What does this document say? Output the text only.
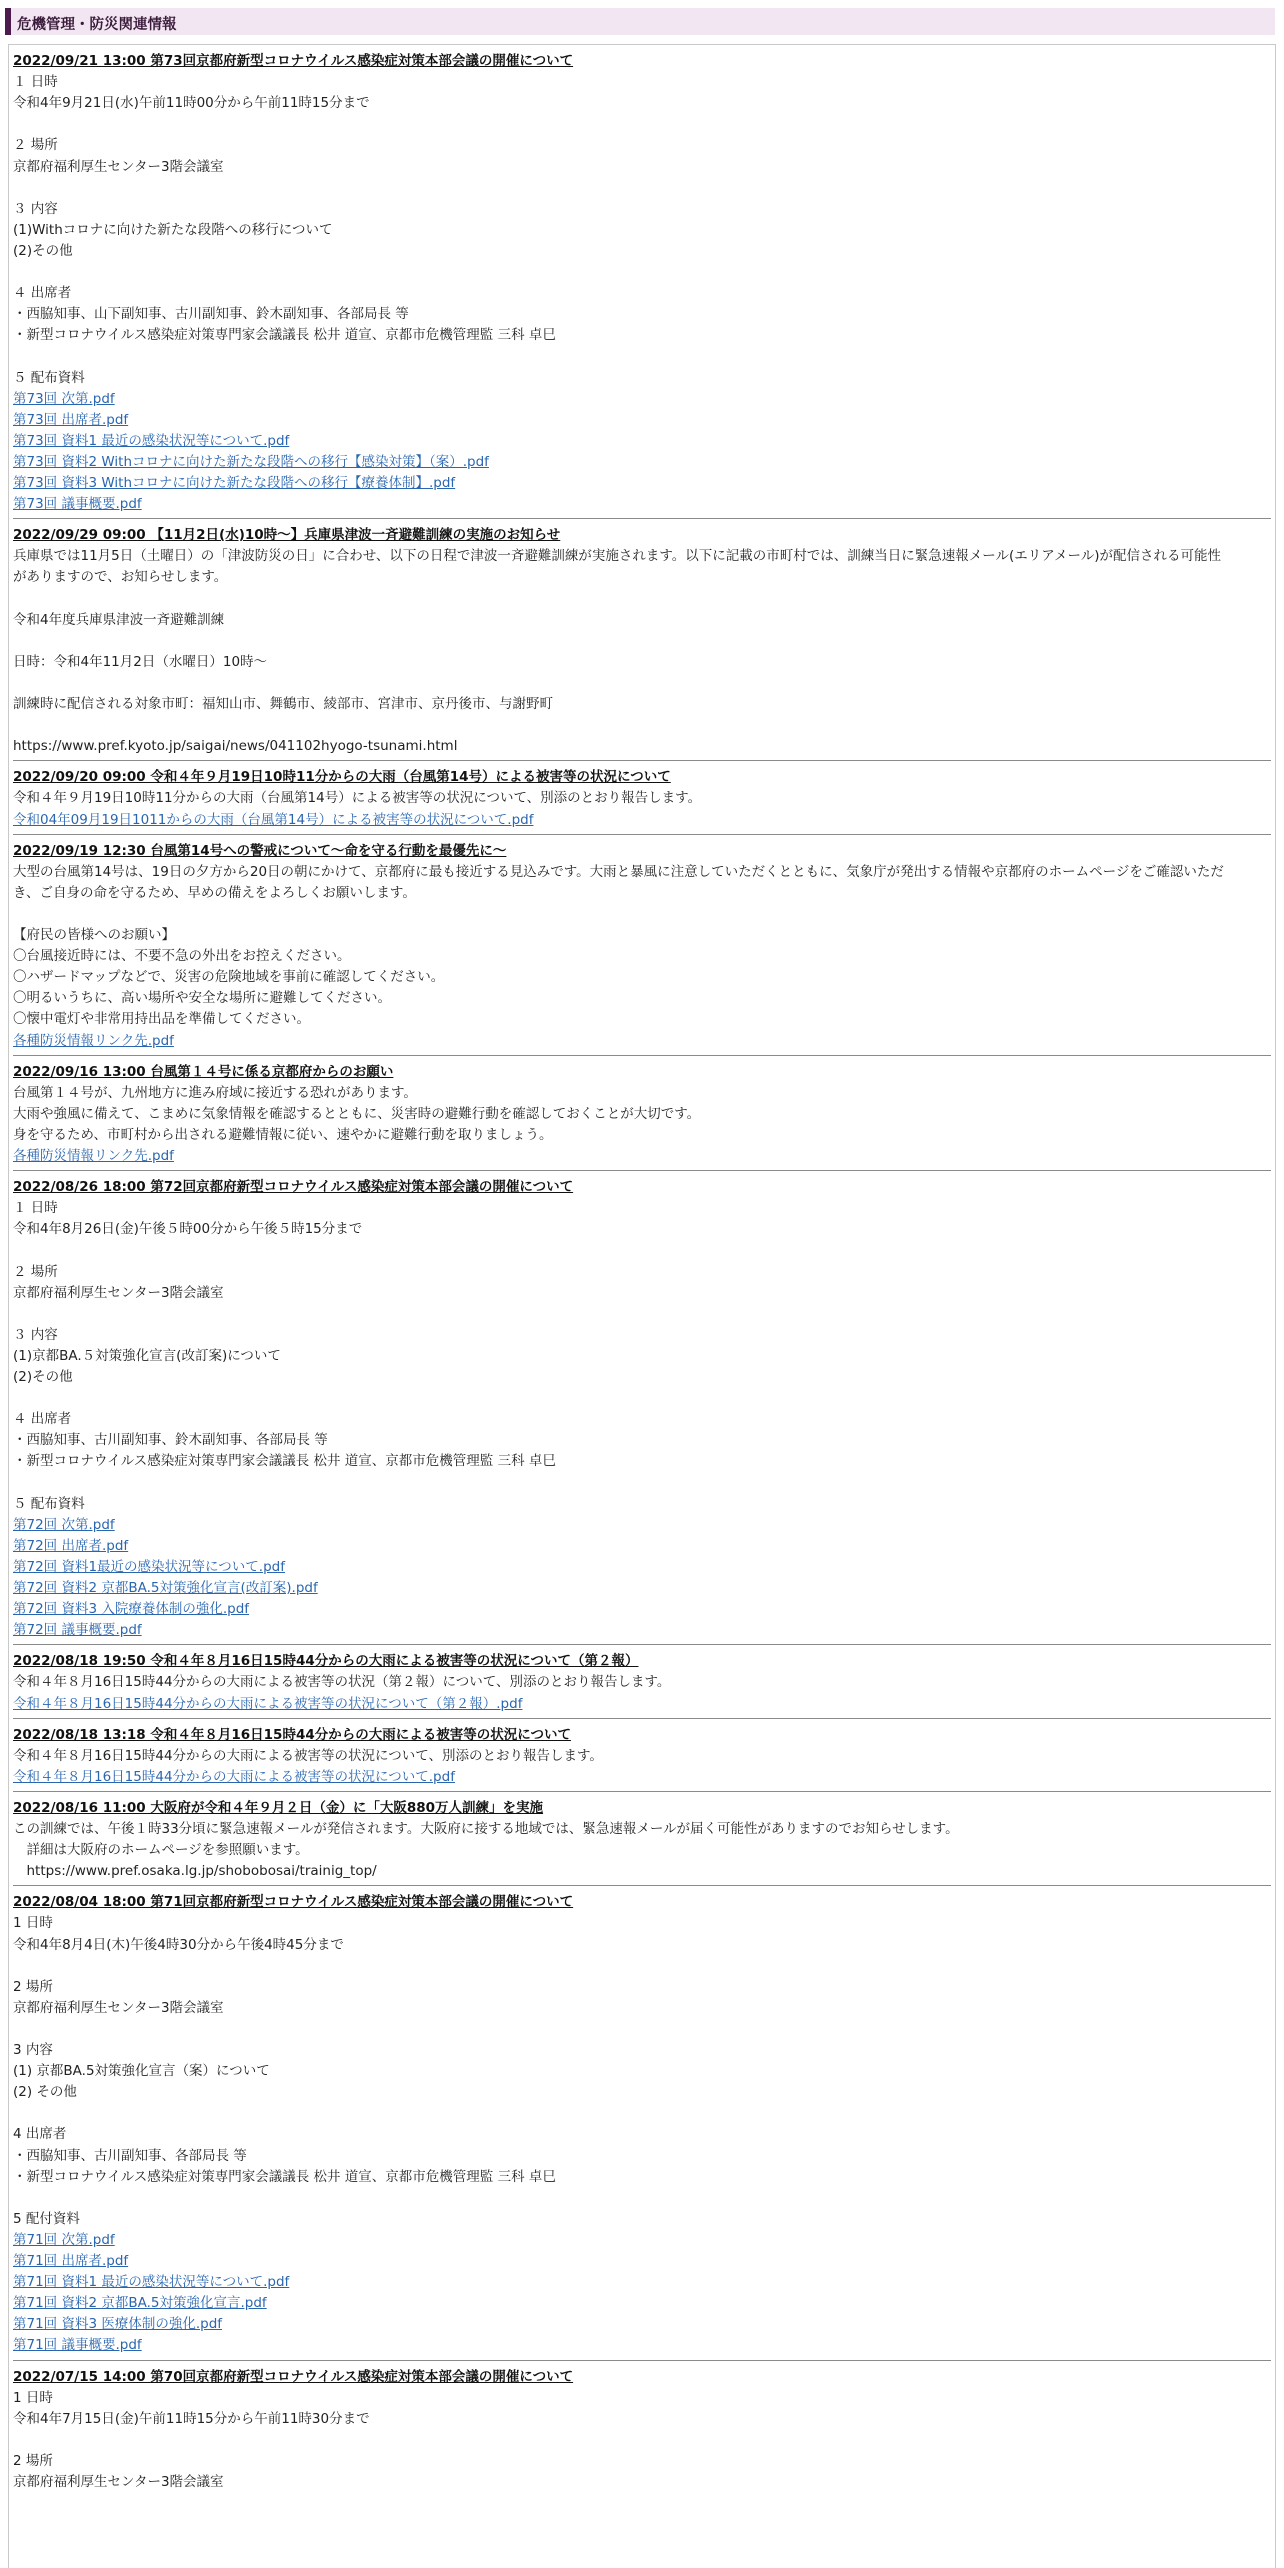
危機管理・防災関連情報
2022/09/21 13:00 第73回京都府新型コロナウイルス感染症対策本部会議の開催について
１ 日時
令和4年9月21日(水)午前11時00分から午前11時15分まで
２ 場所
京都府福利厚生センター3階会議室
３ 内容
(1)Withコロナに向けた新たな段階への移行について
(2)その他
４ 出席者
・西脇知事、山下副知事、古川副知事、鈴木副知事、各部局長 等
・新型コロナウイルス感染症対策専門家会議議長 松井 道宣、京都市危機管理監 三科 卓巳
５ 配布資料
第73回 次第.pdf
第73回 出席者.pdf
第73回 資料1 最近の感染状況等について.pdf
第73回 資料2 Withコロナに向けた新たな段階への移行【感染対策】（案）.pdf
第73回 資料3 Withコロナに向けた新たな段階への移行【療養体制】.pdf
第73回 議事概要.pdf
2022/09/29 09:00 【11月2日(水)10時〜】兵庫県津波一斉避難訓練の実施のお知らせ
兵庫県では11月5日（土曜日）の「津波防災の日」に合わせ、以下の日程で津波一斉避難訓練が実施されます。以下に記載の市町村では、訓練当日に緊急速報メール(エリアメール)が配信される可能性
がありますので、お知らせします。
令和4年度兵庫県津波一斉避難訓練
日時：令和4年11月2日（水曜日）10時〜
訓練時に配信される対象市町：福知山市、舞鶴市、綾部市、宮津市、京丹後市、与謝野町
https://www.pref.kyoto.jp/saigai/news/041102hyogo-tsunami.html
2022/09/20 09:00 令和４年９月19日10時11分からの大雨（台風第14号）による被害等の状況について
令和４年９月19日10時11分からの大雨（台風第14号）による被害等の状況について、別添のとおり報告します。
令和04年09月19日1011からの大雨（台風第14号）による被害等の状況について.pdf
2022/09/19 12:30 台風第14号への警戒について〜命を守る行動を最優先に〜
大型の台風第14号は、19日の夕方から20日の朝にかけて、京都府に最も接近する見込みです。大雨と暴風に注意していただくとともに、気象庁が発出する情報や京都府のホームページをご確認いただ
き、ご自身の命を守るため、早めの備えをよろしくお願いします。
【府民の皆様へのお願い】
〇台風接近時には、不要不急の外出をお控えください。
〇ハザードマップなどで、災害の危険地域を事前に確認してください。
〇明るいうちに、高い場所や安全な場所に避難してください。
〇懐中電灯や非常用持出品を準備してください。
各種防災情報リンク先.pdf
2022/09/16 13:00 台風第１４号に係る京都府からのお願い
台風第１４号が、九州地方に進み府域に接近する恐れがあります。
大雨や強風に備えて、こまめに気象情報を確認するとともに、災害時の避難行動を確認しておくことが大切です。
身を守るため、市町村から出される避難情報に従い、速やかに避難行動を取りましょう。
各種防災情報リンク先.pdf
2022/08/26 18:00 第72回京都府新型コロナウイルス感染症対策本部会議の開催について
１ 日時
令和4年8月26日(金)午後５時00分から午後５時15分まで
２ 場所
京都府福利厚生センター3階会議室
３ 内容
(1)京都BA.５対策強化宣言(改訂案)について
(2)その他
４ 出席者
・西脇知事、古川副知事、鈴木副知事、各部局長 等
・新型コロナウイルス感染症対策専門家会議議長 松井 道宣、京都市危機管理監 三科 卓巳
５ 配布資料
第72回 次第.pdf
第72回 出席者.pdf
第72回 資料1最近の感染状況等について.pdf
第72回 資料2 京都BA.5対策強化宣言(改訂案).pdf
第72回 資料3 入院療養体制の強化.pdf
第72回 議事概要.pdf
2022/08/18 19:50 令和４年８月16日15時44分からの大雨による被害等の状況について（第２報）
令和４年８月16日15時44分からの大雨による被害等の状況（第２報）について、別添のとおり報告します。
令和４年８月16日15時44分からの大雨による被害等の状況について（第２報）.pdf
2022/08/18 13:18 令和４年８月16日15時44分からの大雨による被害等の状況について
令和４年８月16日15時44分からの大雨による被害等の状況について、別添のとおり報告します。
令和４年８月16日15時44分からの大雨による被害等の状況について.pdf
2022/08/16 11:00 大阪府が令和４年９月２日（金）に「大阪880万人訓練」を実施
この訓練では、午後１時33分頃に緊急速報メールが発信されます。大阪府に接する地域では、緊急速報メールが届く可能性がありますのでお知らせします。
　詳細は大阪府のホームページを参照願います。
　https://www.pref.osaka.lg.jp/shobobosai/trainig_top/
2022/08/04 18:00 第71回京都府新型コロナウイルス感染症対策本部会議の開催について
1 日時
令和4年8月4日(木)午後4時30分から午後4時45分まで
2 場所
京都府福利厚生センター3階会議室
3 内容
(1) 京都BA.5対策強化宣言（案）について
(2) その他
4 出席者
・西脇知事、古川副知事、各部局長 等
・新型コロナウイルス感染症対策専門家会議議長 松井 道宣、京都市危機管理監 三科 卓巳
5 配付資料
第71回 次第.pdf
第71回 出席者.pdf
第71回 資料1 最近の感染状況等について.pdf
第71回 資料2 京都BA.5対策強化宣言.pdf
第71回 資料3 医療体制の強化.pdf
第71回 議事概要.pdf
2022/07/15 14:00 第70回京都府新型コロナウイルス感染症対策本部会議の開催について
1 日時
令和4年7月15日(金)午前11時15分から午前11時30分まで
2 場所
京都府福利厚生センター3階会議室
